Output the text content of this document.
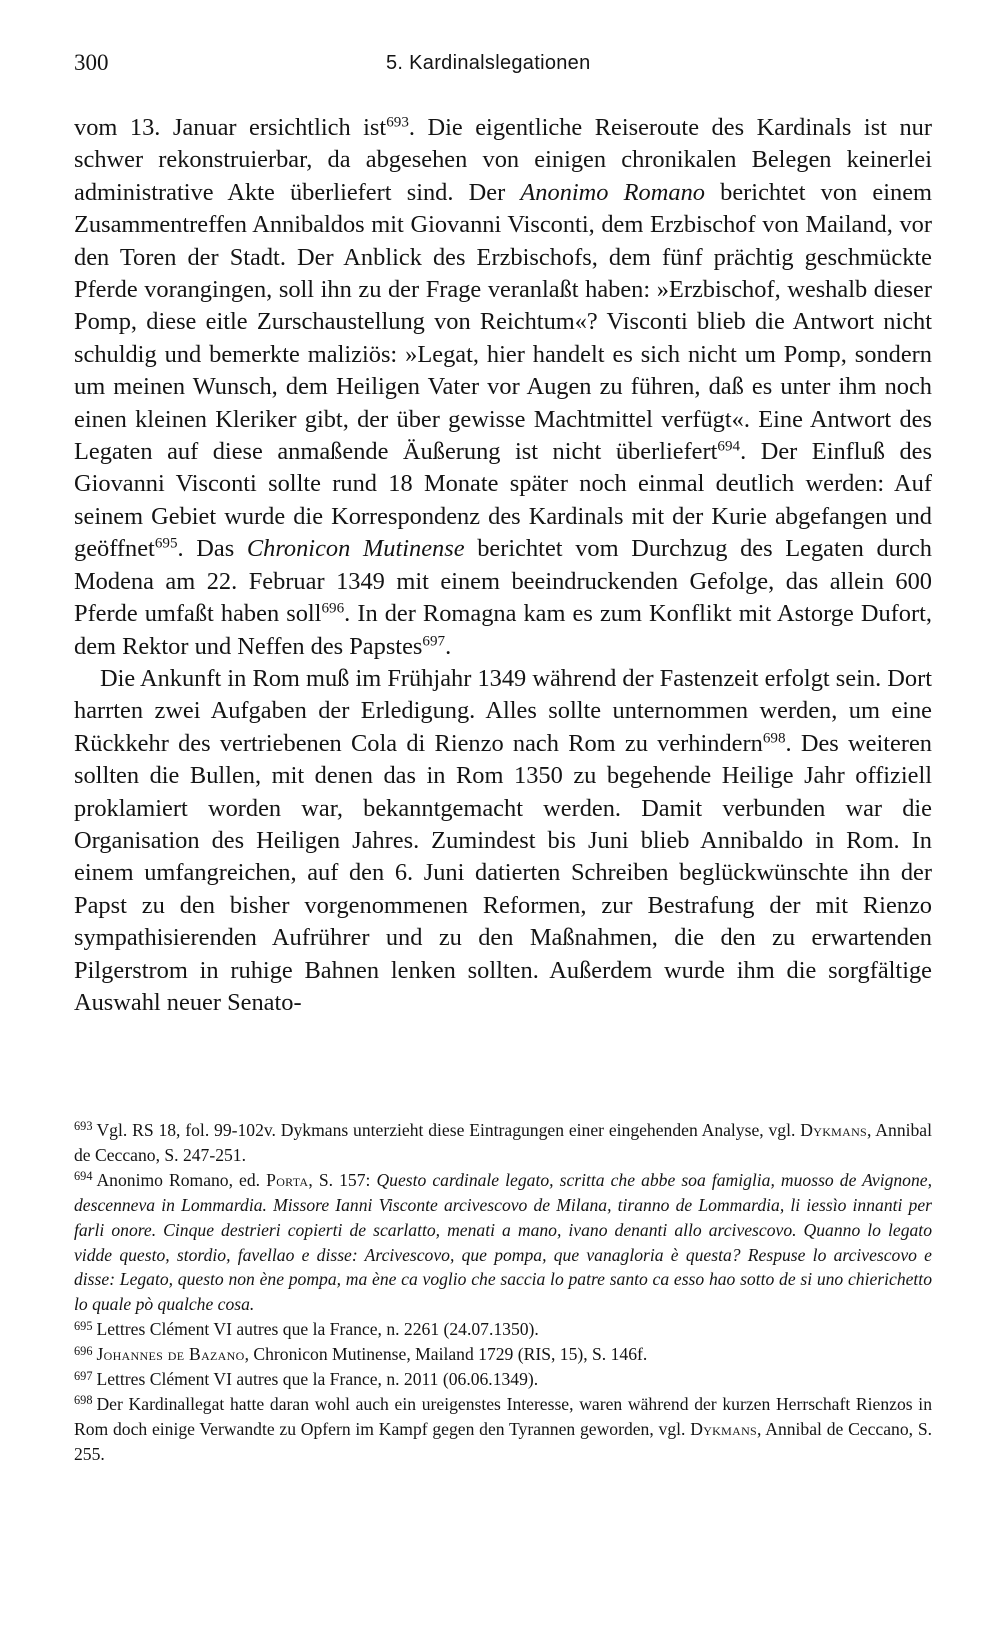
300	5. Kardinalslegationen

vom 13. Januar ersichtlich ist$^{693}$. Die eigentliche Reiseroute des Kardinals ist nur schwer rekonstruierbar, da abgesehen von einigen chronikalen Belegen keinerlei administrative Akte überliefert sind. Der Anonimo Romano berichtet von einem Zusammentreffen Annibaldos mit Giovanni Visconti, dem Erzbischof von Mailand, vor den Toren der Stadt. Der Anblick des Erzbischofs, dem fünf prächtig geschmückte Pferde vorangingen, soll ihn zu der Frage veranlaßt haben: »Erzbischof, weshalb dieser Pomp, diese eitle Zurschaustellung von Reichtum«? Visconti blieb die Antwort nicht schuldig und bemerkte maliziös: »Legat, hier handelt es sich nicht um Pomp, sondern um meinen Wunsch, dem Heiligen Vater vor Augen zu führen, daß es unter ihm noch einen kleinen Kleriker gibt, der über gewisse Machtmittel verfügt«. Eine Antwort des Legaten auf diese anmaßende Äußerung ist nicht überliefert$^{694}$. Der Einfluß des Giovanni Visconti sollte rund 18 Monate später noch einmal deutlich werden: Auf seinem Gebiet wurde die Korrespondenz des Kardinals mit der Kurie abgefangen und geöffnet$^{695}$. Das Chronicon Mutinense berichtet vom Durchzug des Legaten durch Modena am 22. Februar 1349 mit einem beeindruckenden Gefolge, das allein 600 Pferde umfaßt haben soll$^{696}$. In der Romagna kam es zum Konflikt mit Astorge Dufort, dem Rektor und Neffen des Papstes$^{697}$.

Die Ankunft in Rom muß im Frühjahr 1349 während der Fastenzeit erfolgt sein. Dort harrten zwei Aufgaben der Erledigung. Alles sollte unternommen werden, um eine Rückkehr des vertriebenen Cola di Rienzo nach Rom zu verhindern$^{698}$. Des weiteren sollten die Bullen, mit denen das in Rom 1350 zu begehende Heilige Jahr offiziell proklamiert worden war, bekanntgemacht werden. Damit verbunden war die Organisation des Heiligen Jahres. Zumindest bis Juni blieb Annibaldo in Rom. In einem umfangreichen, auf den 6. Juni datierten Schreiben beglückwünschte ihn der Papst zu den bisher vorgenommenen Reformen, zur Bestrafung der mit Rienzo sympathisierenden Aufrührer und zu den Maßnahmen, die den zu erwartenden Pilgerstrom in ruhige Bahnen lenken sollten. Außerdem wurde ihm die sorgfältige Auswahl neuer Senato-

$^{693}$ Vgl. RS 18, fol. 99-102v. Dykmans unterzieht diese Eintragungen einer eingehenden Analyse, vgl. Dykmans, Annibal de Ceccano, S. 247-251.

$^{694}$ Anonimo Romano, ed. Porta, S. 157: Questo cardinale legato, scritta che abbe soa famiglia, muosso de Avignone, descenneva in Lommardia. Missore Ianni Visconte arcivescovo de Milana, tiranno de Lommardia, li iessìo innanti per farli onore. Cinque destrieri copierti de scarlatto, menati a mano, ivano denanti allo arcivescovo. Quanno lo legato vidde questo, stordio, favellao e disse: Arcivescovo, que pompa, que vanagloria è questa? Respuse lo arcivescovo e disse: Legato, questo non ène pompa, ma ène ca voglio che saccia lo patre santo ca esso hao sotto de si uno chierichetto lo quale pò qualche cosa.

$^{695}$ Lettres Clément VI autres que la France, n. 2261 (24.07.1350).

$^{696}$ Johannes de Bazano, Chronicon Mutinense, Mailand 1729 (RIS, 15), S. 146f.

$^{697}$ Lettres Clément VI autres que la France, n. 2011 (06.06.1349).

$^{698}$ Der Kardinallegat hatte daran wohl auch ein ureigenstes Interesse, waren während der kurzen Herrschaft Rienzos in Rom doch einige Verwandte zu Opfern im Kampf gegen den Tyrannen geworden, vgl. Dykmans, Annibal de Ceccano, S. 255.
